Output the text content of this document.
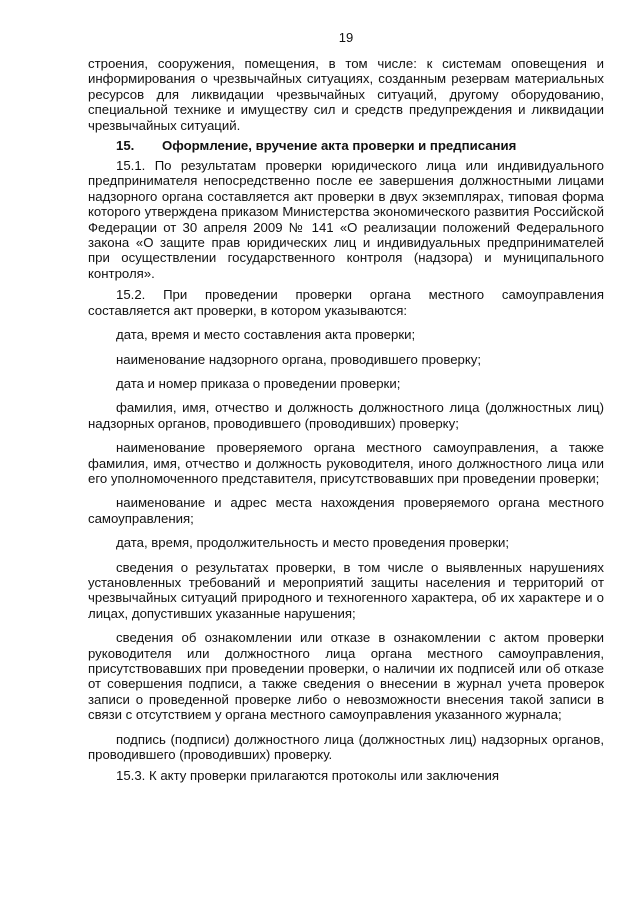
19

строения, сооружения, помещения, в том числе: к системам оповещения и информирования о чрезвычайных ситуациях, созданным резервам материальных ресурсов для ликвидации чрезвычайных ситуаций, другому оборудованию, специальной технике и имуществу сил и средств предупреждения и ликвидации чрезвычайных ситуаций.

15. Оформление, вручение акта проверки и предписания

15.1. По результатам проверки юридического лица или индивидуального предпринимателя непосредственно после ее завершения должностными лицами надзорного органа составляется акт проверки в двух экземплярах, типовая форма которого утверждена приказом Министерства экономического развития Российской Федерации от 30 апреля 2009 № 141 «О реализации положений Федерального закона «О защите прав юридических лиц и индивидуальных предпринимателей при осуществлении государственного контроля (надзора) и муниципального контроля».

15.2. При проведении проверки органа местного самоуправления составляется акт проверки, в котором указываются:

дата, время и место составления акта проверки;

наименование надзорного органа, проводившего проверку;

дата и номер приказа о проведении проверки;

фамилия, имя, отчество и должность должностного лица (должностных лиц) надзорных органов, проводившего (проводивших) проверку;

наименование проверяемого органа местного самоуправления, а также фамилия, имя, отчество и должность руководителя, иного должностного лица или его уполномоченного представителя, присутствовавших при проведении проверки;

наименование и адрес места нахождения проверяемого органа местного самоуправления;

дата, время, продолжительность и место проведения проверки;

сведения о результатах проверки, в том числе о выявленных нарушениях установленных требований и мероприятий защиты населения и территорий от чрезвычайных ситуаций природного и техногенного характера, об их характере и о лицах, допустивших указанные нарушения;

сведения об ознакомлении или отказе в ознакомлении с актом проверки руководителя или должностного лица органа местного самоуправления, присутствовавших при проведении проверки, о наличии их подписей или об отказе от совершения подписи, а также сведения о внесении в журнал учета проверок записи о проведенной проверке либо о невозможности внесения такой записи в связи с отсутствием у органа местного самоуправления указанного журнала;

подпись (подписи) должностного лица (должностных лиц) надзорных органов, проводившего (проводивших) проверку.

15.3. К акту проверки прилагаются протоколы или заключения
